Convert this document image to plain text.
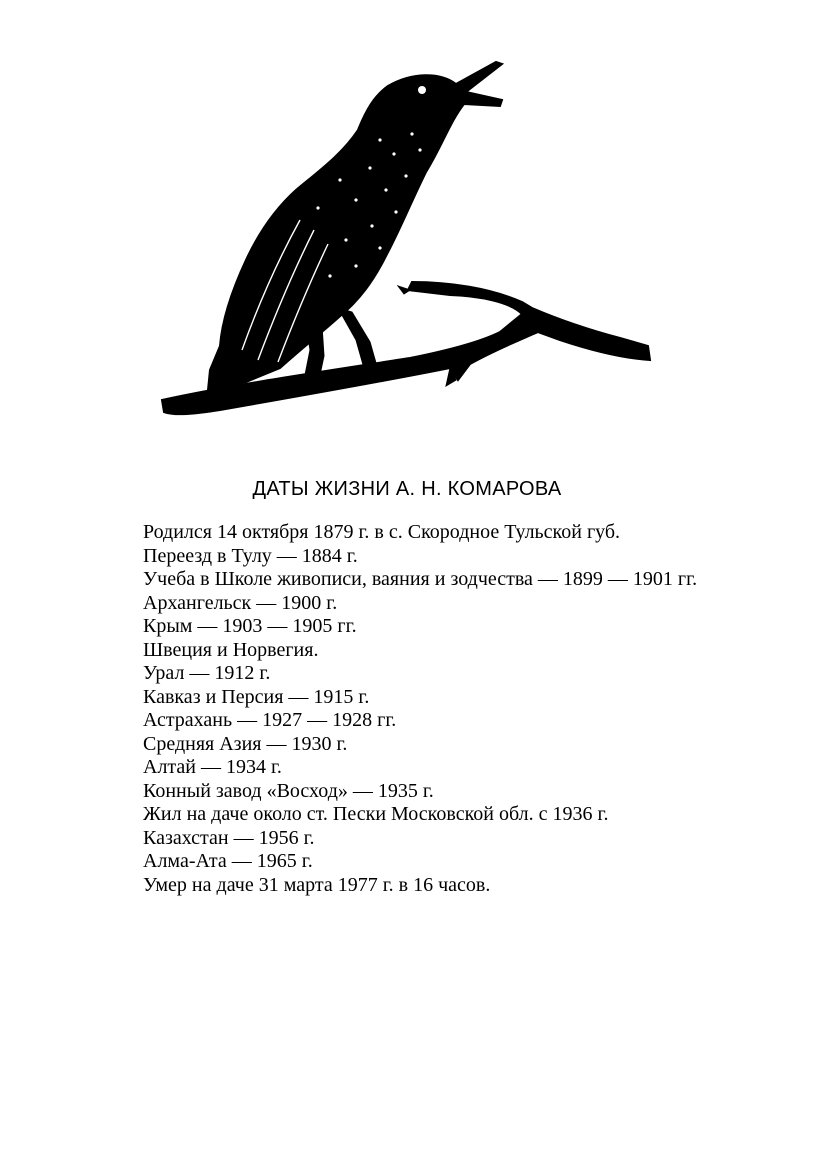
ДАТЫ ЖИЗНИ А. Н. КОМАРОВА
Родился 14 октября 1879 г. в с. Скородное Тульской губ.
Переезд в Тулу — 1884 г.
Учеба в Школе живописи, ваяния и зодчества — 1899 — 1901 гг.
Архангельск — 1900 г.
Крым — 1903 — 1905 гг.
Швеция и Норвегия.
Урал — 1912 г.
Кавказ и Персия — 1915 г.
Астрахань — 1927 — 1928 гг.
Средняя Азия — 1930 г.
Алтай — 1934 г.
Конный завод «Восход» — 1935 г.
Жил на даче около ст. Пески Московской обл. с 1936 г.
Казахстан — 1956 г.
Алма-Ата — 1965 г.
Умер на даче 31 марта 1977 г. в 16 часов.
